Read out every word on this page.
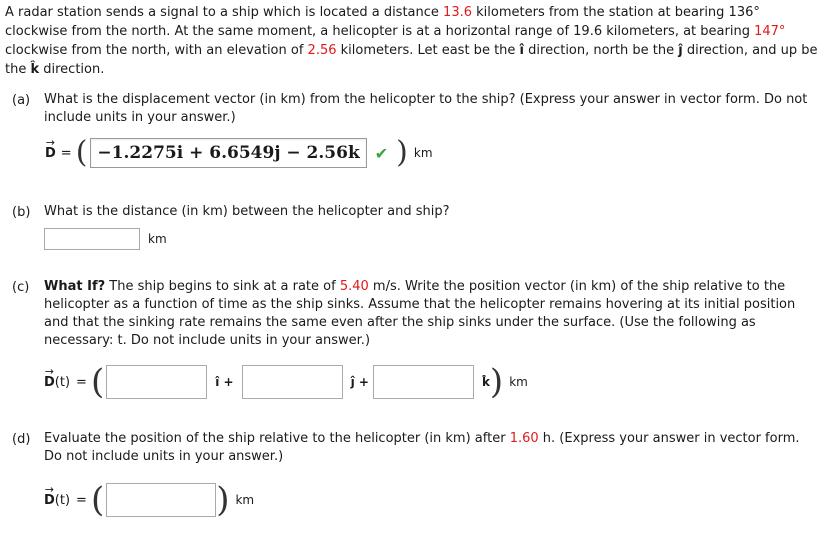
A radar station sends a signal to a ship which is located a distance 13.6 kilometers from the station at bearing 136° clockwise from the north. At the same moment, a helicopter is at a horizontal range of 19.6 kilometers, at bearing 147° clockwise from the north, with an elevation of 2.56 kilometers. Let east be the î direction, north be the ĵ direction, and up be the k̂ direction.
(a) What is the displacement vector (in km) from the helicopter to the ship? (Express your answer in vector form. Do not include units in your answer.)
→ D = ( −1.2275i + 6.6549j − 2.56k ✔ ) km
(b) What is the distance (in km) between the helicopter and ship?
km
(c) What If? The ship begins to sink at a rate of 5.40 m/s. Write the position vector (in km) of the ship relative to the helicopter as a function of time as the ship sinks. Assume that the helicopter remains hovering at its initial position and that the sinking rate remains the same even after the ship sinks under the surface. (Use the following as necessary: t. Do not include units in your answer.)
→ D (t) = (	î +	ĵ +	k̂ ) km
(d) Evaluate the position of the ship relative to the helicopter (in km) after 1.60 h. (Express your answer in vector form. Do not include units in your answer.)
→ D (t) = (	) km
